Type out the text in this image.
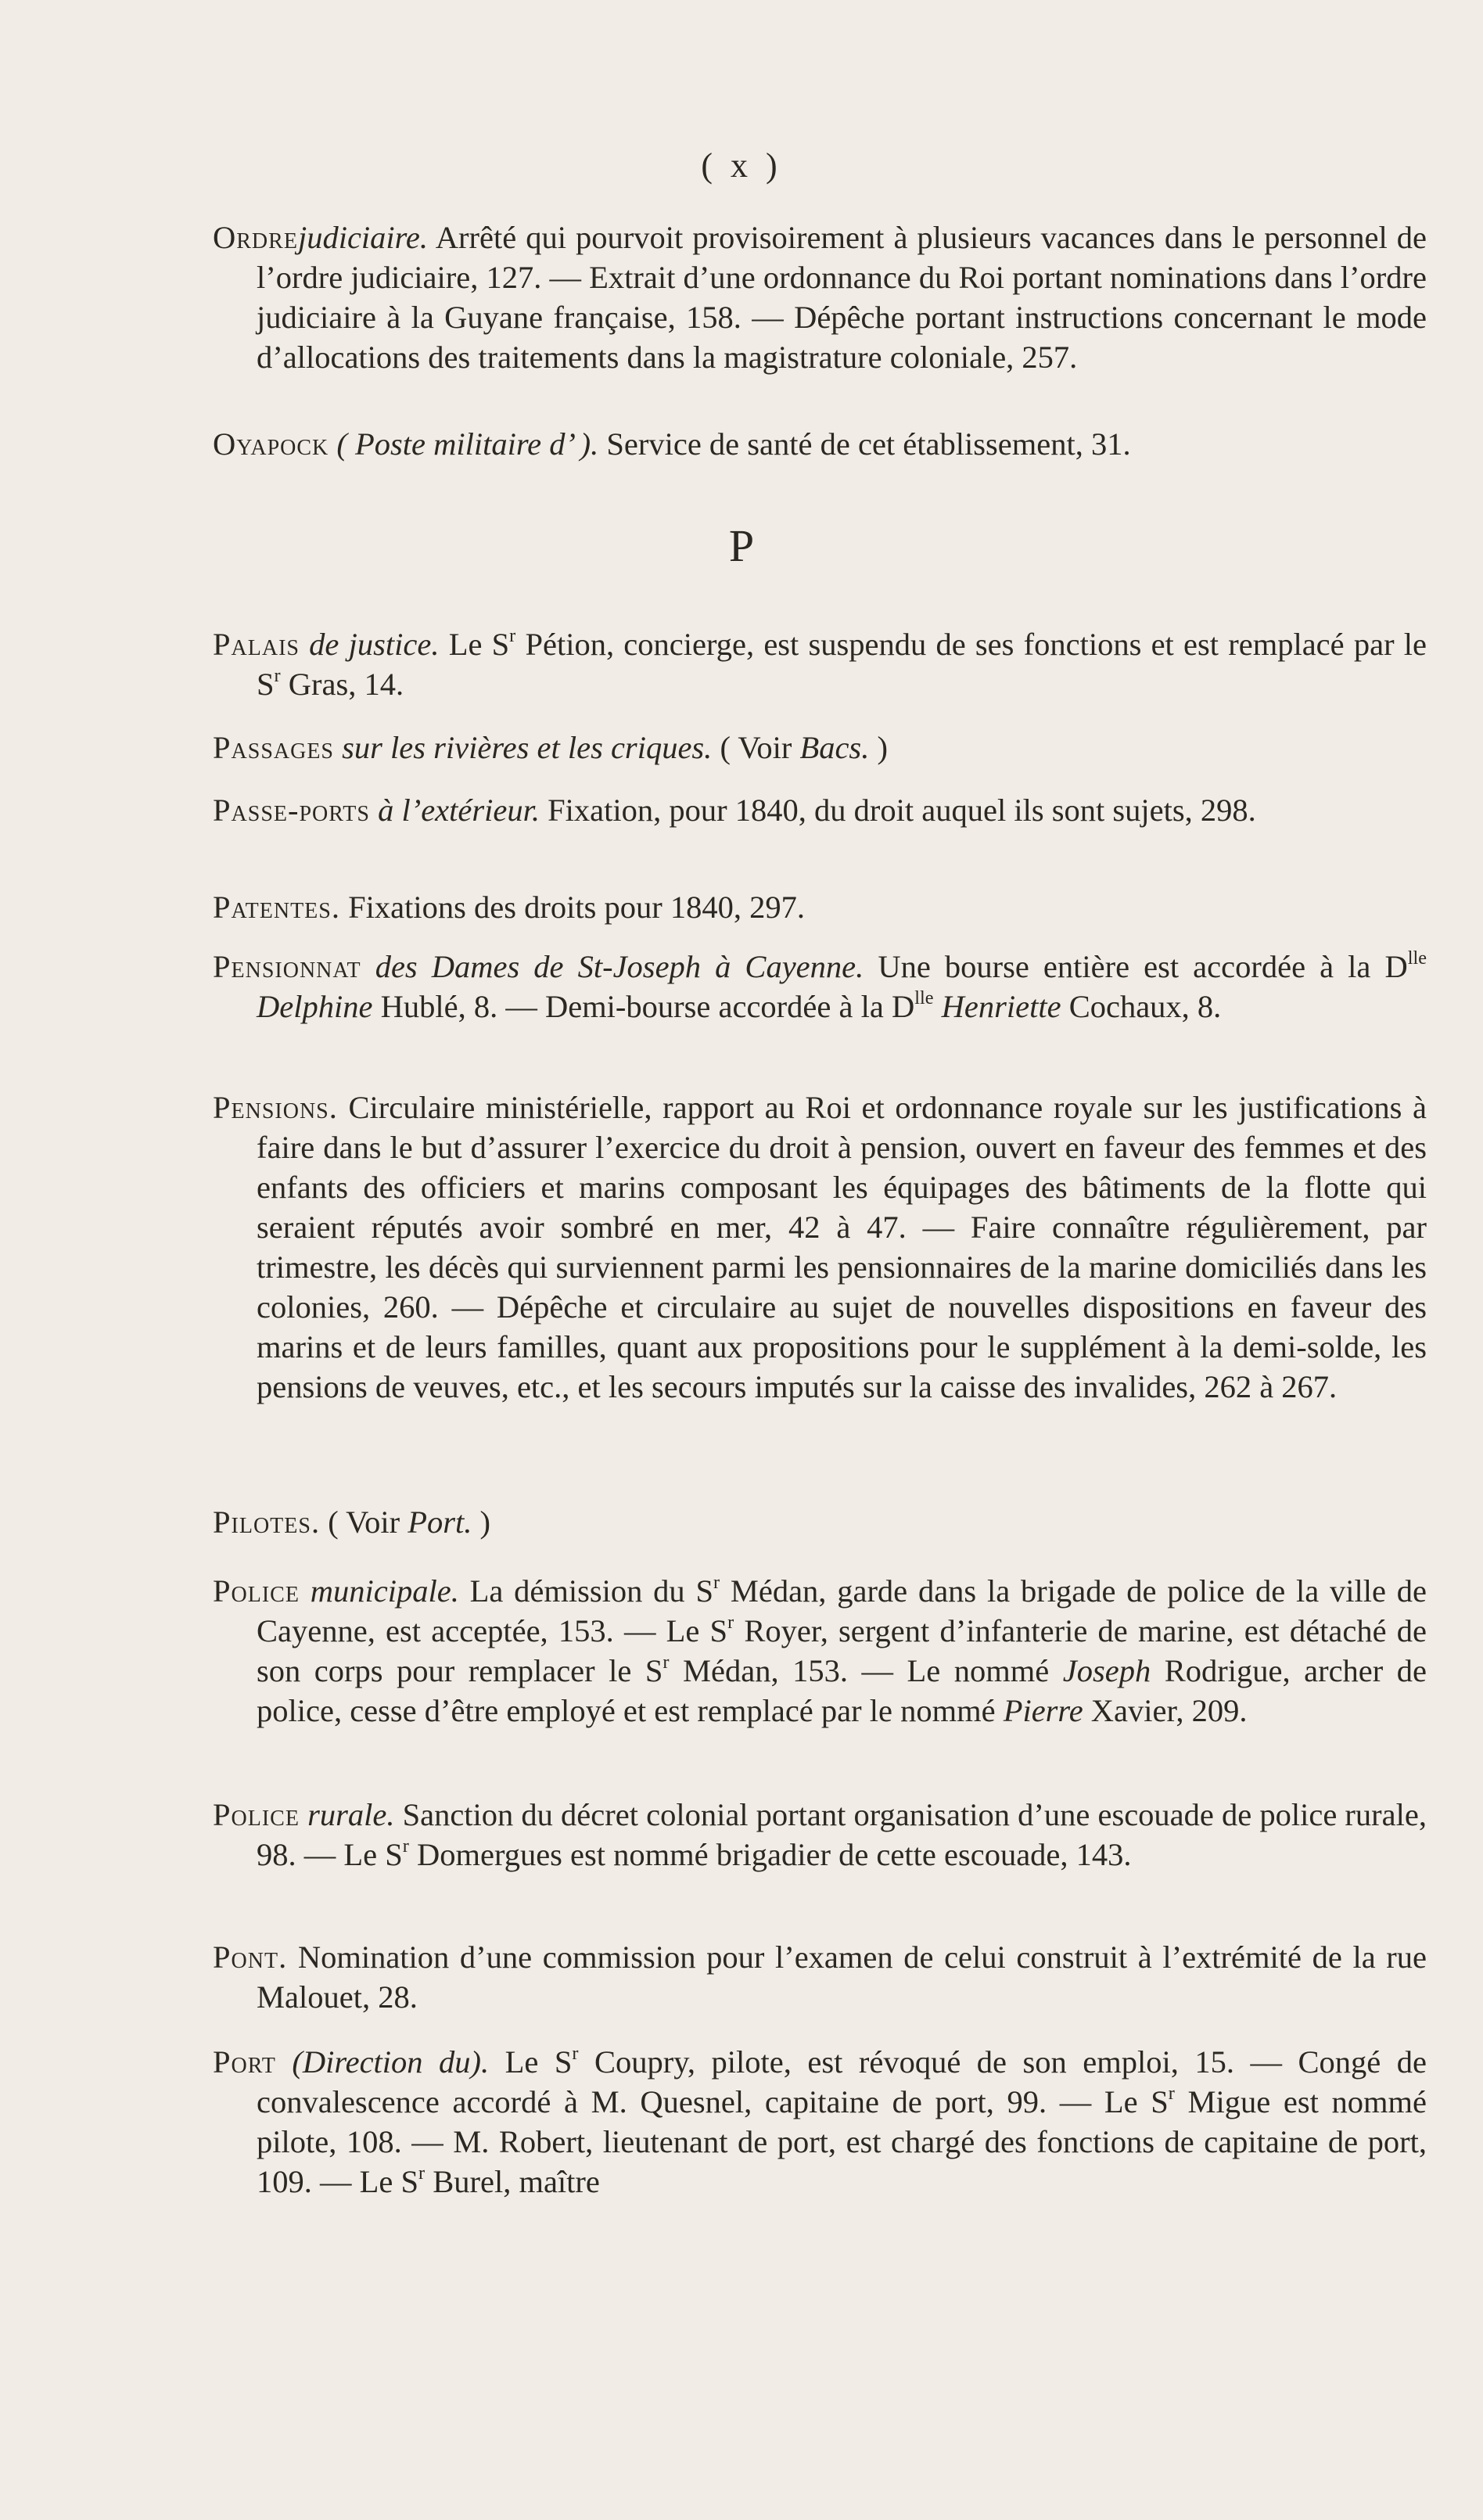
( x )

Ordrejudiciaire. Arrêté qui pourvoit provisoirement à plusieurs vacances dans le personnel de l’ordre judiciaire, 127. — Extrait d’une ordonnance du Roi portant nominations dans l’ordre judiciaire à la Guyane française, 158. — Dépêche portant instructions concernant le mode d’allocations des traitements dans la magistrature coloniale, 257.

Oyapock ( Poste militaire d’ ). Service de santé de cet établissement, 31.

P

Palais de justice. Le $S^r$ Pétion, concierge, est suspendu de ses fonctions et est remplacé par le $S^r$ Gras, 14.

Passages sur les rivières et les criques. ( Voir Bacs. )

Passe-ports à l’extérieur. Fixation, pour 1840, du droit auquel ils sont sujets, 298.

Patentes. Fixations des droits pour 1840, 297.

Pensionnat des Dames de St-Joseph à Cayenne. Une bourse entière est accordée à la $D^{lle}$ Delphine Hublé, 8. — Demi-bourse accordée à la $D^{lle}$ Henriette Cochaux, 8.

Pensions. Circulaire ministérielle, rapport au Roi et ordonnance royale sur les justifications à faire dans le but d’assurer l’exercice du droit à pension, ouvert en faveur des femmes et des enfants des officiers et marins composant les équipages des bâtiments de la flotte qui seraient réputés avoir sombré en mer, 42 à 47. — Faire connaître régulièrement, par trimestre, les décès qui surviennent parmi les pensionnaires de la marine domiciliés dans les colonies, 260. — Dépêche et circulaire au sujet de nouvelles dispositions en faveur des marins et de leurs familles, quant aux propositions pour le supplément à la demi-solde, les pensions de veuves, etc., et les secours imputés sur la caisse des invalides, 262 à 267.

Pilotes. ( Voir Port. )

Police municipale. La démission du $S^r$ Médan, garde dans la brigade de police de la ville de Cayenne, est acceptée, 153. — Le $S^r$ Royer, sergent d’infanterie de marine, est détaché de son corps pour remplacer le $S^r$ Médan, 153. — Le nommé Joseph Rodrigue, archer de police, cesse d’être employé et est remplacé par le nommé Pierre Xavier, 209.

Police rurale. Sanction du décret colonial portant organisation d’une escouade de police rurale, 98. — Le $S^r$ Domergues est nommé brigadier de cette escouade, 143.

Pont. Nomination d’une commission pour l’examen de celui construit à l’extrémité de la rue Malouet, 28.

Port (Direction du). Le $S^r$ Coupry, pilote, est révoqué de son emploi, 15. — Congé de convalescence accordé à M. Quesnel, capitaine de port, 99. — Le $S^r$ Migue est nommé pilote, 108. — M. Robert, lieutenant de port, est chargé des fonctions de capitaine de port, 109. — Le $S^r$ Burel, maître
